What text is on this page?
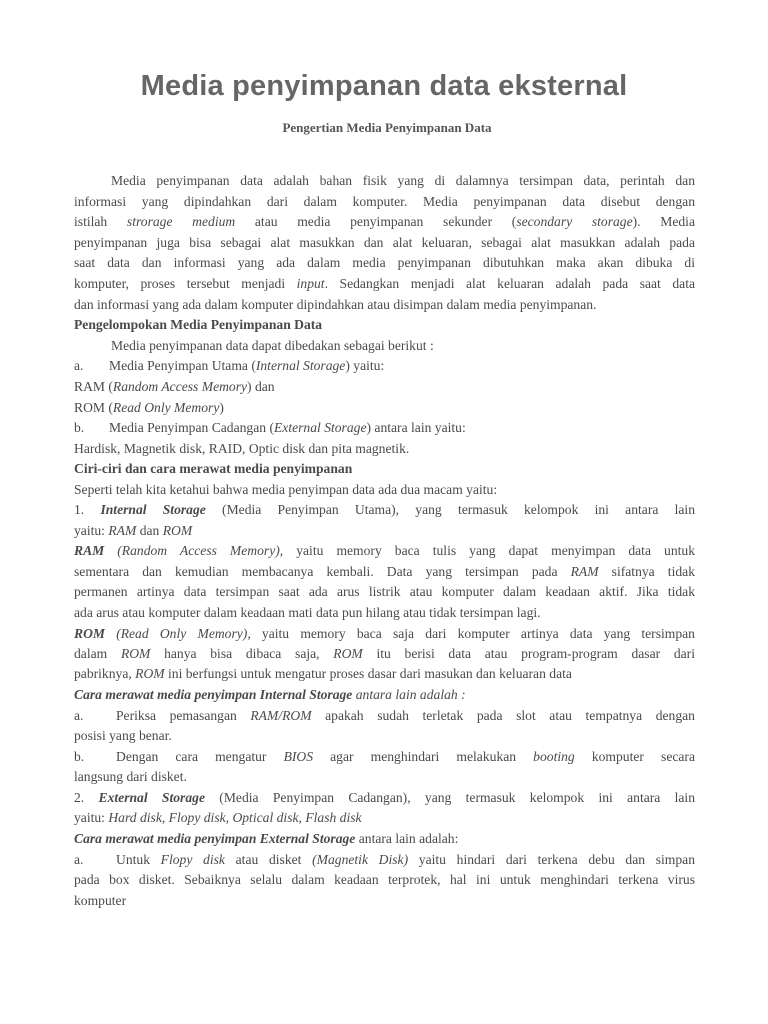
Media penyimpanan data eksternal
Pengertian Media Penyimpanan Data
Media penyimpanan data adalah bahan fisik yang di dalamnya tersimpan data, perintah dan
informasi yang dipindahkan dari dalam komputer. Media penyimpanan data disebut dengan
istilah strorage medium atau media penyimpanan sekunder (secondary storage). Media
penyimpanan juga bisa sebagai alat masukkan dan alat keluaran, sebagai alat masukkan adalah pada
saat data dan informasi yang ada dalam media penyimpanan dibutuhkan maka akan dibuka di
komputer, proses tersebut menjadi input. Sedangkan menjadi alat keluaran adalah pada saat data
dan informasi yang ada dalam komputer dipindahkan atau disimpan dalam media penyimpanan.
Pengelompokan Media Penyimpanan Data
Media penyimpanan data dapat dibedakan sebagai berikut :
a. Media Penyimpan Utama (Internal Storage) yaitu:
RAM (Random Access Memory) dan
ROM (Read Only Memory)
b. Media Penyimpan Cadangan (External Storage) antara lain yaitu:
Hardisk, Magnetik disk, RAID, Optic disk dan pita magnetik.
Ciri-ciri dan cara merawat media penyimpanan
Seperti telah kita ketahui bahwa media penyimpan data ada dua macam yaitu:
1. Internal Storage (Media Penyimpan Utama), yang termasuk kelompok ini antara lain
yaitu: RAM dan ROM
RAM (Random Access Memory), yaitu memory baca tulis yang dapat menyimpan data untuk
sementara dan kemudian membacanya kembali. Data yang tersimpan pada RAM sifatnya tidak
permanen artinya data tersimpan saat ada arus listrik atau komputer dalam keadaan aktif. Jika tidak
ada arus atau komputer dalam keadaan mati data pun hilang atau tidak tersimpan lagi.
ROM (Read Only Memory), yaitu memory baca saja dari komputer artinya data yang tersimpan
dalam ROM hanya bisa dibaca saja, ROM itu berisi data atau program-program dasar dari
pabriknya, ROM ini berfungsi untuk mengatur proses dasar dari masukan dan keluaran data
Cara merawat media penyimpan Internal Storage antara lain adalah :
a. Periksa pemasangan RAM/ROM apakah sudah terletak pada slot atau tempatnya dengan
posisi yang benar.
b. Dengan cara mengatur BIOS agar menghindari melakukan booting komputer secara
langsung dari disket.
2. External Storage (Media Penyimpan Cadangan), yang termasuk kelompok ini antara lain
yaitu: Hard disk, Flopy disk, Optical disk, Flash disk
Cara merawat media penyimpan External Storage antara lain adalah:
a. Untuk Flopy disk atau disket (Magnetik Disk) yaitu hindari dari terkena debu dan simpan
pada box disket. Sebaiknya selalu dalam keadaan terprotek, hal ini untuk menghindari terkena virus
komputer
